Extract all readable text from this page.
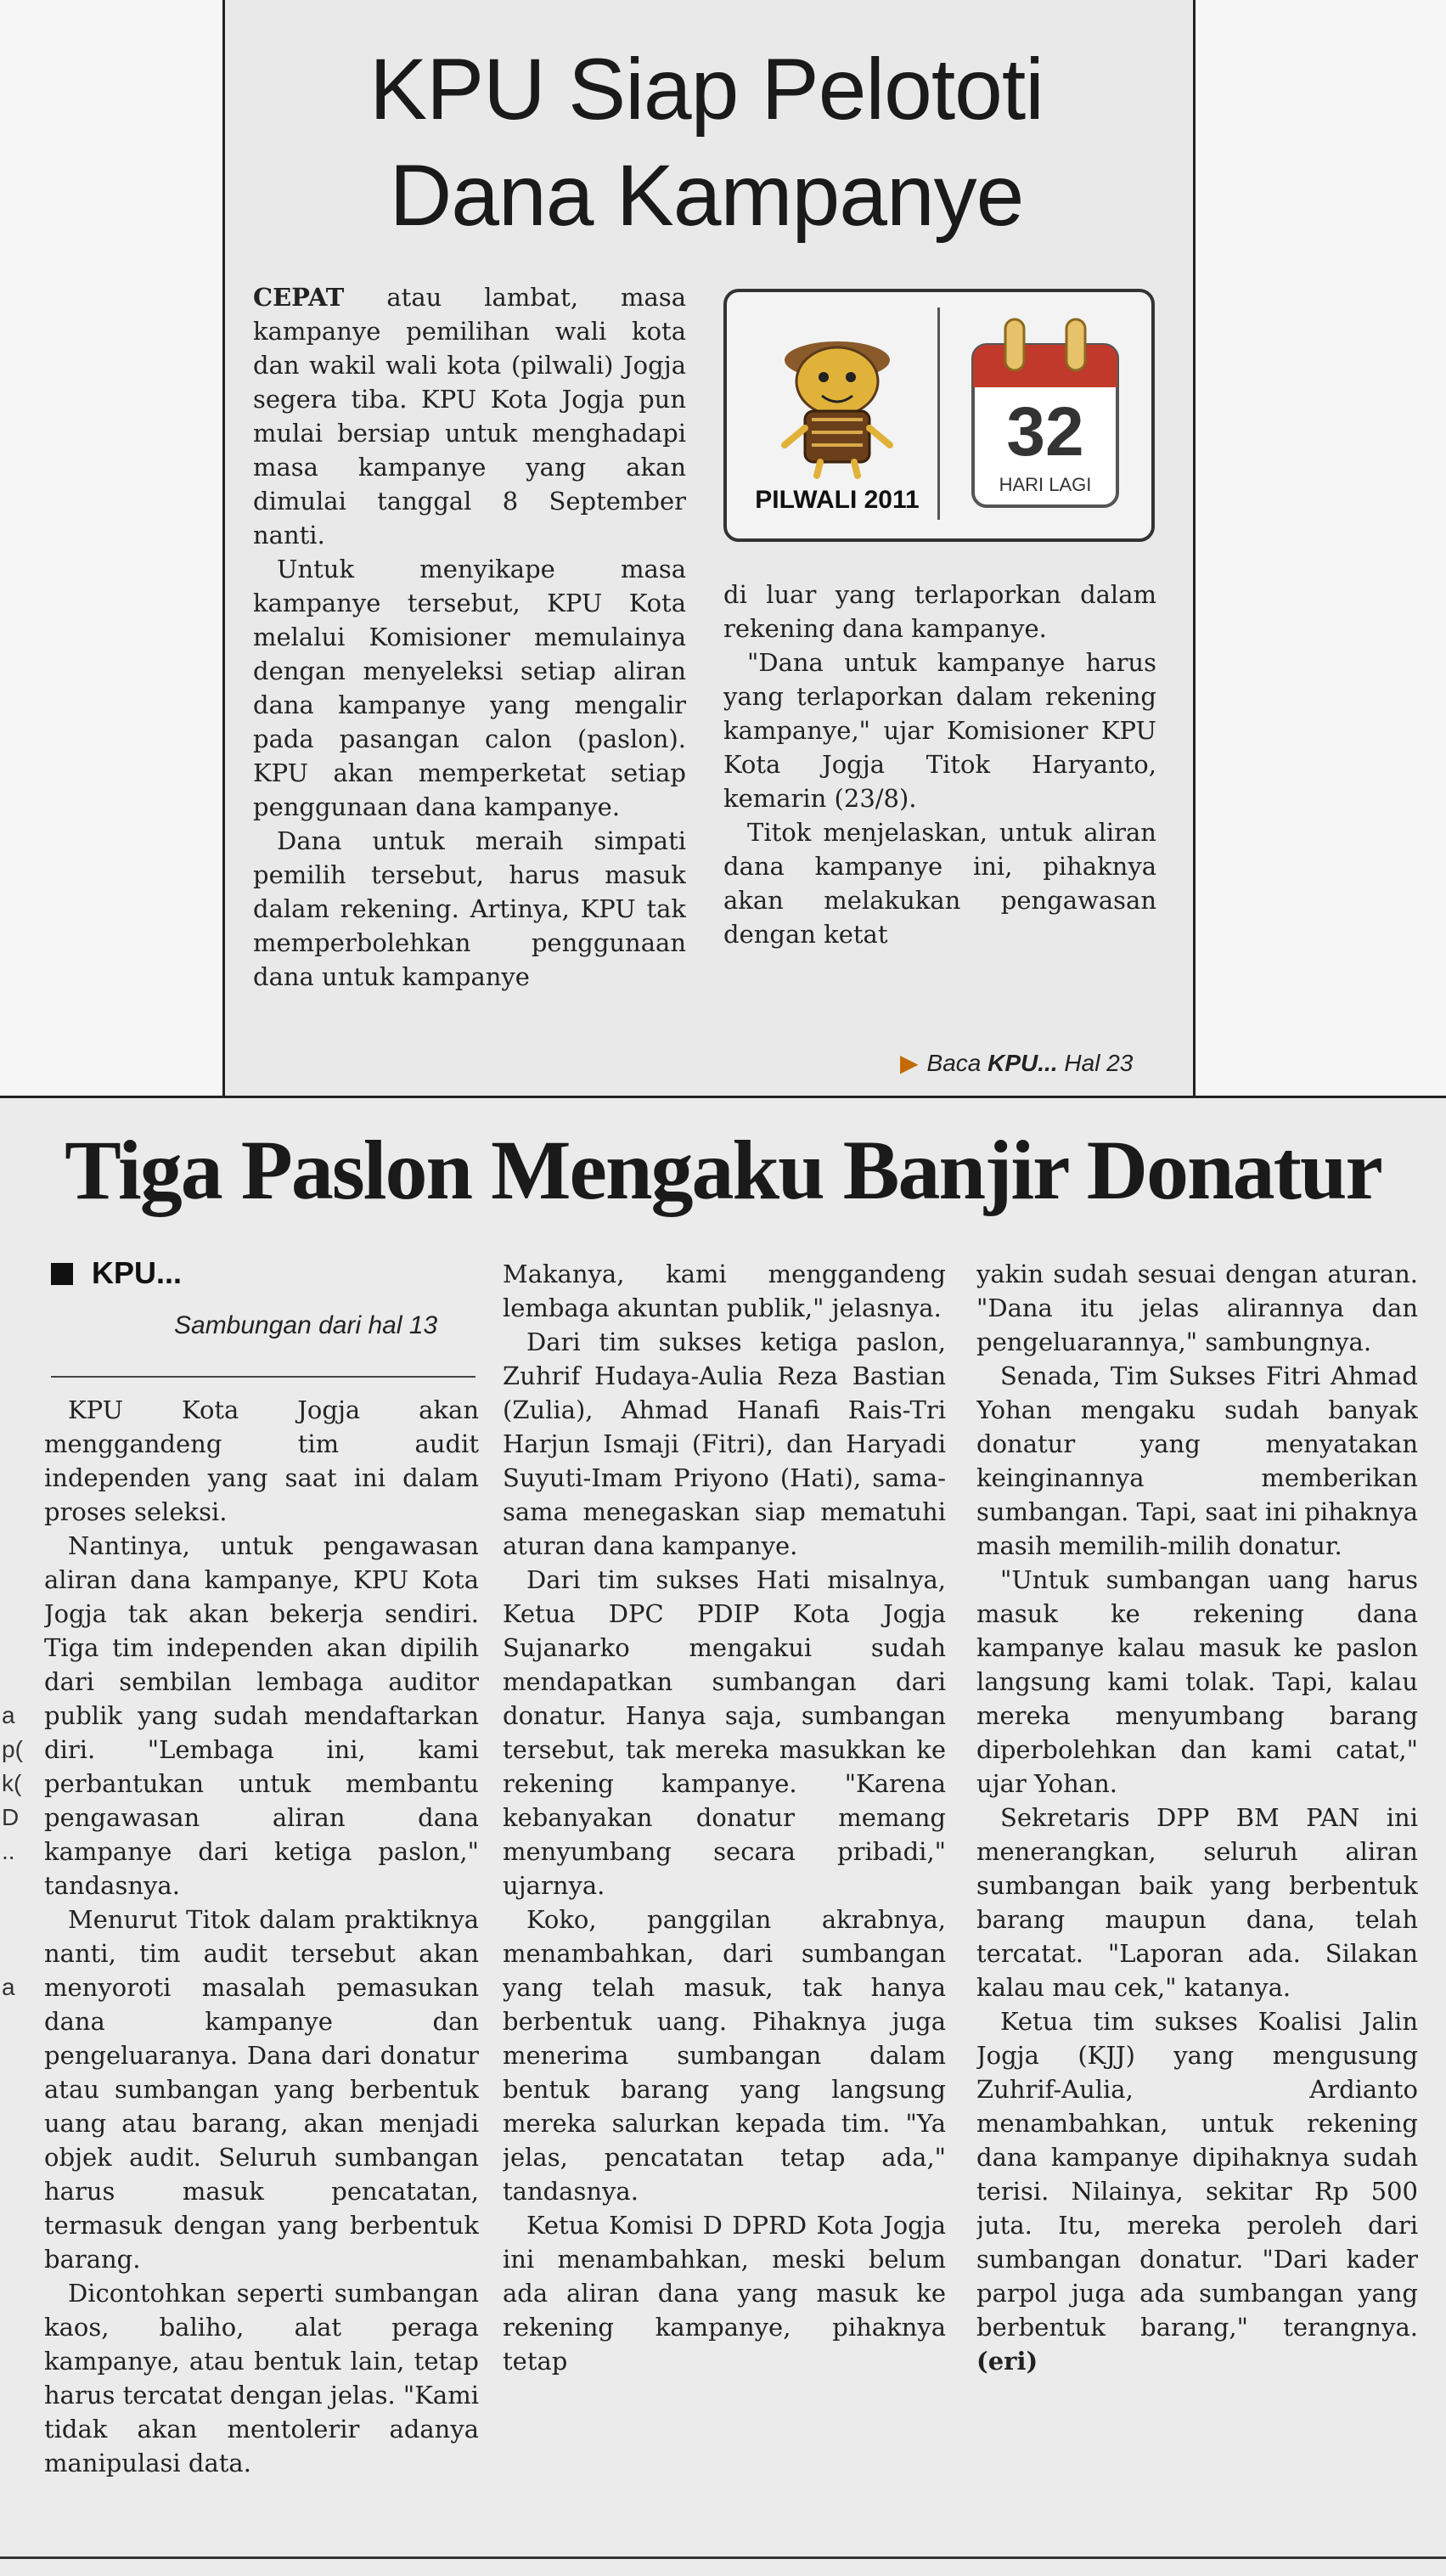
KPU Siap Pelototi
Dana Kampanye

CEPAT atau lambat, masa kampanye pemilihan wali kota dan wakil wali kota (pilwali) Jogja segera tiba. KPU Kota Jogja pun mulai bersiap untuk menghadapi masa kampanye yang akan dimulai tanggal 8 September nanti.

Untuk menyikape masa kampanye tersebut, KPU Kota melalui Komisioner memulainya dengan menyeleksi setiap aliran dana kampanye yang mengalir pada pasangan calon (paslon). KPU akan memperketat setiap penggunaan dana kampanye.

Dana untuk meraih simpati pemilih tersebut, harus masuk dalam rekening. Artinya, KPU tak memperbolehkan penggunaan dana untuk kampanye

PILWALI 2011
32
HARI LAGI

di luar yang terlaporkan dalam rekening dana kampanye.

"Dana untuk kampanye harus yang terlaporkan dalam rekening kampanye," ujar Komisioner KPU Kota Jogja Titok Haryanto, kemarin (23/8).

Titok menjelaskan, untuk aliran dana kampanye ini, pihaknya akan melakukan pengawasan dengan ketat

▶ Baca KPU... Hal 23
Tiga Paslon Mengaku Banjir Donatur
KPU...
Sambungan dari hal 13

KPU Kota Jogja akan menggandeng tim audit independen yang saat ini dalam proses seleksi.

Nantinya, untuk pengawasan aliran dana kampanye, KPU Kota Jogja tak akan bekerja sendiri. Tiga tim independen akan dipilih dari sembilan lembaga auditor publik yang sudah mendaftarkan diri. "Lembaga ini, kami perbantukan untuk membantu pengawasan aliran dana kampanye dari ketiga paslon," tandasnya.

Menurut Titok dalam praktiknya nanti, tim audit tersebut akan menyoroti masalah pemasukan dana kampanye dan pengeluaranya. Dana dari donatur atau sumbangan yang berbentuk uang atau barang, akan menjadi objek audit. Seluruh sumbangan harus masuk pencatatan, termasuk dengan yang berbentuk barang.

Dicontohkan seperti sumbangan kaos, baliho, alat peraga kampanye, atau bentuk lain, tetap harus tercatat dengan jelas. "Kami tidak akan mentolerir adanya manipulasi data.

Makanya, kami menggandeng lembaga akuntan publik," jelasnya.

Dari tim sukses ketiga paslon, Zuhrif Hudaya-Aulia Reza Bastian (Zulia), Ahmad Hanafi Rais-Tri Harjun Ismaji (Fitri), dan Haryadi Suyuti-Imam Priyono (Hati), sama-sama menegaskan siap mematuhi aturan dana kampanye.

Dari tim sukses Hati misalnya, Ketua DPC PDIP Kota Jogja Sujanarko mengakui sudah mendapatkan sumbangan dari donatur. Hanya saja, sumbangan tersebut, tak mereka masukkan ke rekening kampanye. "Karena kebanyakan donatur memang menyumbang secara pribadi," ujarnya.

Koko, panggilan akrabnya, menambahkan, dari sumbangan yang telah masuk, tak hanya berbentuk uang. Pihaknya juga menerima sumbangan dalam bentuk barang yang langsung mereka salurkan kepada tim. "Ya jelas, pencatatan tetap ada," tandasnya.

Ketua Komisi D DPRD Kota Jogja ini menambahkan, meski belum ada aliran dana yang masuk ke rekening kampanye, pihaknya tetap

yakin sudah sesuai dengan aturan. "Dana itu jelas alirannya dan pengeluarannya," sambungnya.

Senada, Tim Sukses Fitri Ahmad Yohan mengaku sudah banyak donatur yang menyatakan keinginannya memberikan sumbangan. Tapi, saat ini pihaknya masih memilih-milih donatur.

"Untuk sumbangan uang harus masuk ke rekening dana kampanye kalau masuk ke paslon langsung kami tolak. Tapi, kalau mereka menyumbang barang diperbolehkan dan kami catat," ujar Yohan.

Sekretaris DPP BM PAN ini menerangkan, seluruh aliran sumbangan baik yang berbentuk barang maupun dana, telah tercatat. "Laporan ada. Silakan kalau mau cek," katanya.

Ketua tim sukses Koalisi Jalin Jogja (KJJ) yang mengusung Zuhrif-Aulia, Ardianto menambahkan, untuk rekening dana kampanye dipihaknya sudah terisi. Nilainya, sekitar Rp 500 juta. Itu, mereka peroleh dari sumbangan donatur. "Dari kader parpol juga ada sumbangan yang berbentuk barang," terangnya. (eri)

a
p(
k(
D
..
a
